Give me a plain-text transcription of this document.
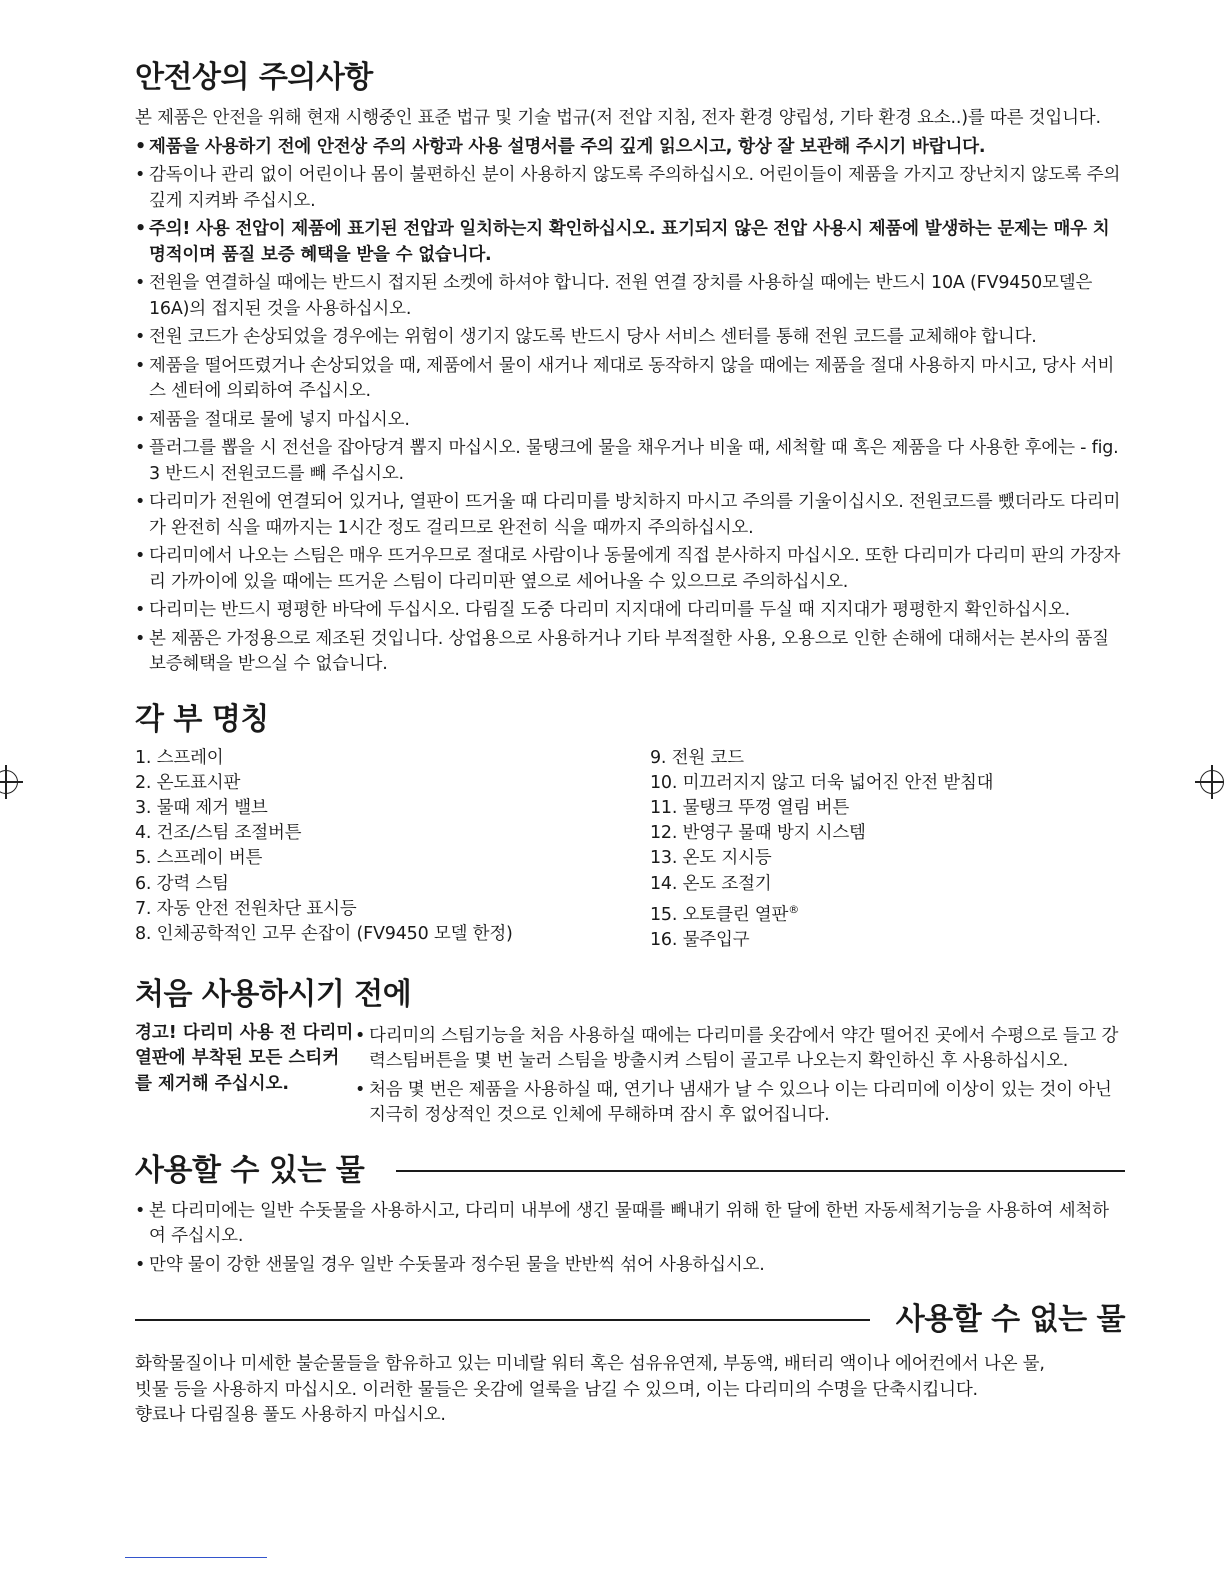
안전상의 주의사항

본 제품은 안전을 위해 현재 시행중인 표준 법규 및 기술 법규(저 전압 지침, 전자 환경 양립성, 기타 환경 요소..)를 따른 것입니다.

• 제품을 사용하기 전에 안전상 주의 사항과 사용 설명서를 주의 깊게 읽으시고, 항상 잘 보관해 주시기 바랍니다.
• 감독이나 관리 없이 어린이나 몸이 불편하신 분이 사용하지 않도록 주의하십시오. 어린이들이 제품을 가지고 장난치지 않도록 주의 깊게 지켜봐 주십시오.
• 주의! 사용 전압이 제품에 표기된 전압과 일치하는지 확인하십시오. 표기되지 않은 전압 사용시 제품에 발생하는 문제는 매우 치명적이며 품질 보증 혜택을 받을 수 없습니다.
• 전원을 연결하실 때에는 반드시 접지된 소켓에 하셔야 합니다. 전원 연결 장치를 사용하실 때에는 반드시 10A (FV9450모델은 16A)의 접지된 것을 사용하십시오.
• 전원 코드가 손상되었을 경우에는 위험이 생기지 않도록 반드시 당사 서비스 센터를 통해 전원 코드를 교체해야 합니다.
• 제품을 떨어뜨렸거나 손상되었을 때, 제품에서 물이 새거나 제대로 동작하지 않을 때에는 제품을 절대 사용하지 마시고, 당사 서비스 센터에 의뢰하여 주십시오.
• 제품을 절대로 물에 넣지 마십시오.
• 플러그를 뽑을 시 전선을 잡아당겨 뽑지 마십시오. 물탱크에 물을 채우거나 비울 때, 세척할 때 혹은 제품을 다 사용한 후에는 - fig. 3 반드시 전원코드를 빼 주십시오.
• 다리미가 전원에 연결되어 있거나, 열판이 뜨거울 때 다리미를 방치하지 마시고 주의를 기울이십시오. 전원코드를 뺐더라도 다리미가 완전히 식을 때까지는 1시간 정도 걸리므로 완전히 식을 때까지 주의하십시오.
• 다리미에서 나오는 스팀은 매우 뜨거우므로 절대로 사람이나 동물에게 직접 분사하지 마십시오. 또한 다리미가 다리미 판의 가장자리 가까이에 있을 때에는 뜨거운 스팀이 다리미판 옆으로 세어나올 수 있으므로 주의하십시오.
• 다리미는 반드시 평평한 바닥에 두십시오. 다림질 도중 다리미 지지대에 다리미를 두실 때 지지대가 평평한지 확인하십시오.
• 본 제품은 가정용으로 제조된 것입니다. 상업용으로 사용하거나 기타 부적절한 사용, 오용으로 인한 손해에 대해서는 본사의 품질보증혜택을 받으실 수 없습니다.
각 부 명칭
1. 스프레이
2. 온도표시판
3. 물때 제거 밸브
4. 건조/스팀 조절버튼
5. 스프레이 버튼
6. 강력 스팀
7. 자동 안전 전원차단 표시등
8. 인체공학적인 고무 손잡이 (FV9450 모델 한정)
9. 전원 코드
10. 미끄러지지 않고 더욱 넓어진 안전 받침대
11. 물탱크 뚜껑 열림 버튼
12. 반영구 물때 방지 시스템
13. 온도 지시등
14. 온도 조절기
15. 오토클린 열판®
16. 물주입구
처음 사용하시기 전에
경고! 다리미 사용 전 다리미 열판에 부착된 모든 스티커를 제거해 주십시오.
• 다리미의 스팀기능을 처음 사용하실 때에는 다리미를 옷감에서 약간 떨어진 곳에서 수평으로 들고 강력스팀버튼을 몇 번 눌러 스팀을 방출시켜 스팀이 골고루 나오는지 확인하신 후 사용하십시오.
• 처음 몇 번은 제품을 사용하실 때, 연기나 냄새가 날 수 있으나 이는 다리미에 이상이 있는 것이 아닌 지극히 정상적인 것으로 인체에 무해하며 잠시 후 없어집니다.
사용할 수 있는 물
• 본 다리미에는 일반 수돗물을 사용하시고, 다리미 내부에 생긴 물때를 빼내기 위해 한 달에 한번 자동세척기능을 사용하여 세척하여 주십시오.
• 만약 물이 강한 샌물일 경우 일반 수돗물과 정수된 물을 반반씩 섞어 사용하십시오.
사용할 수 없는 물

화학물질이나 미세한 불순물들을 함유하고 있는 미네랄 워터 혹은 섬유유연제, 부동액, 배터리 액이나 에어컨에서 나온 물,

빗물 등을 사용하지 마십시오. 이러한 물들은 옷감에 얼룩을 남길 수 있으며, 이는 다리미의 수명을 단축시킵니다.

향료나 다림질용 풀도 사용하지 마십시오.
